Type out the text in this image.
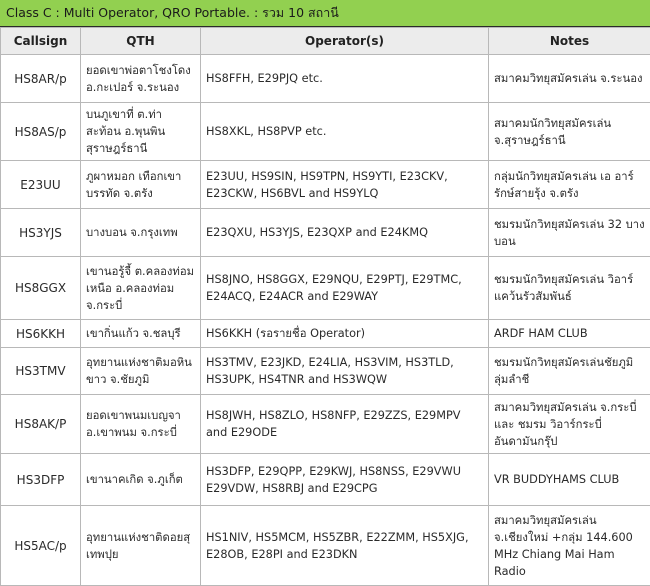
Class C : Multi Operator, QRO Portable. : รวม 10 สถานี
Callsign	QTH	Operator(s)	Notes
HS8AR/p	ยอดเขาพ่อตาโชงโดง อ.กะเปอร์ จ.ระนอง	HS8FFH, E29PJQ etc.	สมาคมวิทยุสมัครเล่น จ.ระนอง
HS8AS/p	บนภูเขาที่ ต.ท่าสะท้อน อ.พุนพิน สุราษฎร์ธานี	HS8XKL, HS8PVP etc.	สมาคมนักวิทยุสมัครเล่น จ.สุราษฎร์ธานี
E23UU	ภูผาหมอก เทือกเขาบรรทัด จ.ตรัง	E23UU, HS9SIN, HS9TPN, HS9YTI, E23CKV, E23CKW, HS6BVL and HS9YLQ	กลุ่มนักวิทยุสมัครเล่น เอ อาร์ รักษ์สายรุ้ง จ.ตรัง
HS3YJS	บางบอน จ.กรุงเทพ	E23QXU, HS3YJS, E23QXP and E24KMQ	ชมรมนักวิทยุสมัครเล่น 32 บางบอน
HS8GGX	เขานอรู้จี้ ต.คลองท่อมเหนือ อ.คลองท่อม จ.กระบี่	HS8JNO, HS8GGX, E29NQU, E29PTJ, E29TMC, E24ACQ, E24ACR and E29WAY	ชมรมนักวิทยุสมัครเล่น วิอาร์แคว้นรัวสัมพันธ์
HS6KKH	เขากิ่นแก้ว จ.ชลบุรี	HS6KKH (รอรายชื่อ Operator)	ARDF HAM CLUB
HS3TMV	อุทยานแห่งชาติมอหินขาว จ.ชัยภูมิ	HS3TMV, E23JKD, E24LIA, HS3VIM, HS3TLD, HS3UPK, HS4TNR and HS3WQW	ชมรมนักวิทยุสมัครเล่นชัยภูมิ ลุ่มลำชี
HS8AK/P	ยอดเขาพนมเบญจา อ.เขาพนม จ.กระบี่	HS8JWH, HS8ZLO, HS8NFP, E29ZZS, E29MPV and E29ODE	สมาคมวิทยุสมัครเล่น จ.กระบี่ และ ชมรม วิอาร์กระบี่อันดามันกรุ๊ป
HS3DFP	เขานาคเกิด จ.ภูเก็ต	HS3DFP, E29QPP, E29KWJ, HS8NSS, E29VWU E29VDW, HS8RBJ and E29CPG	VR BUDDYHAMS CLUB
HS5AC/p	อุทยานแห่งชาติดอยสุเทพปุย	HS1NIV, HS5MCM, HS5ZBR, E22ZMM, HS5XJG, E28OB, E28PI and E23DKN	สมาคมวิทยุสมัครเล่น จ.เชียงใหม่ +กลุ่ม 144.600 MHz Chiang Mai Ham Radio
